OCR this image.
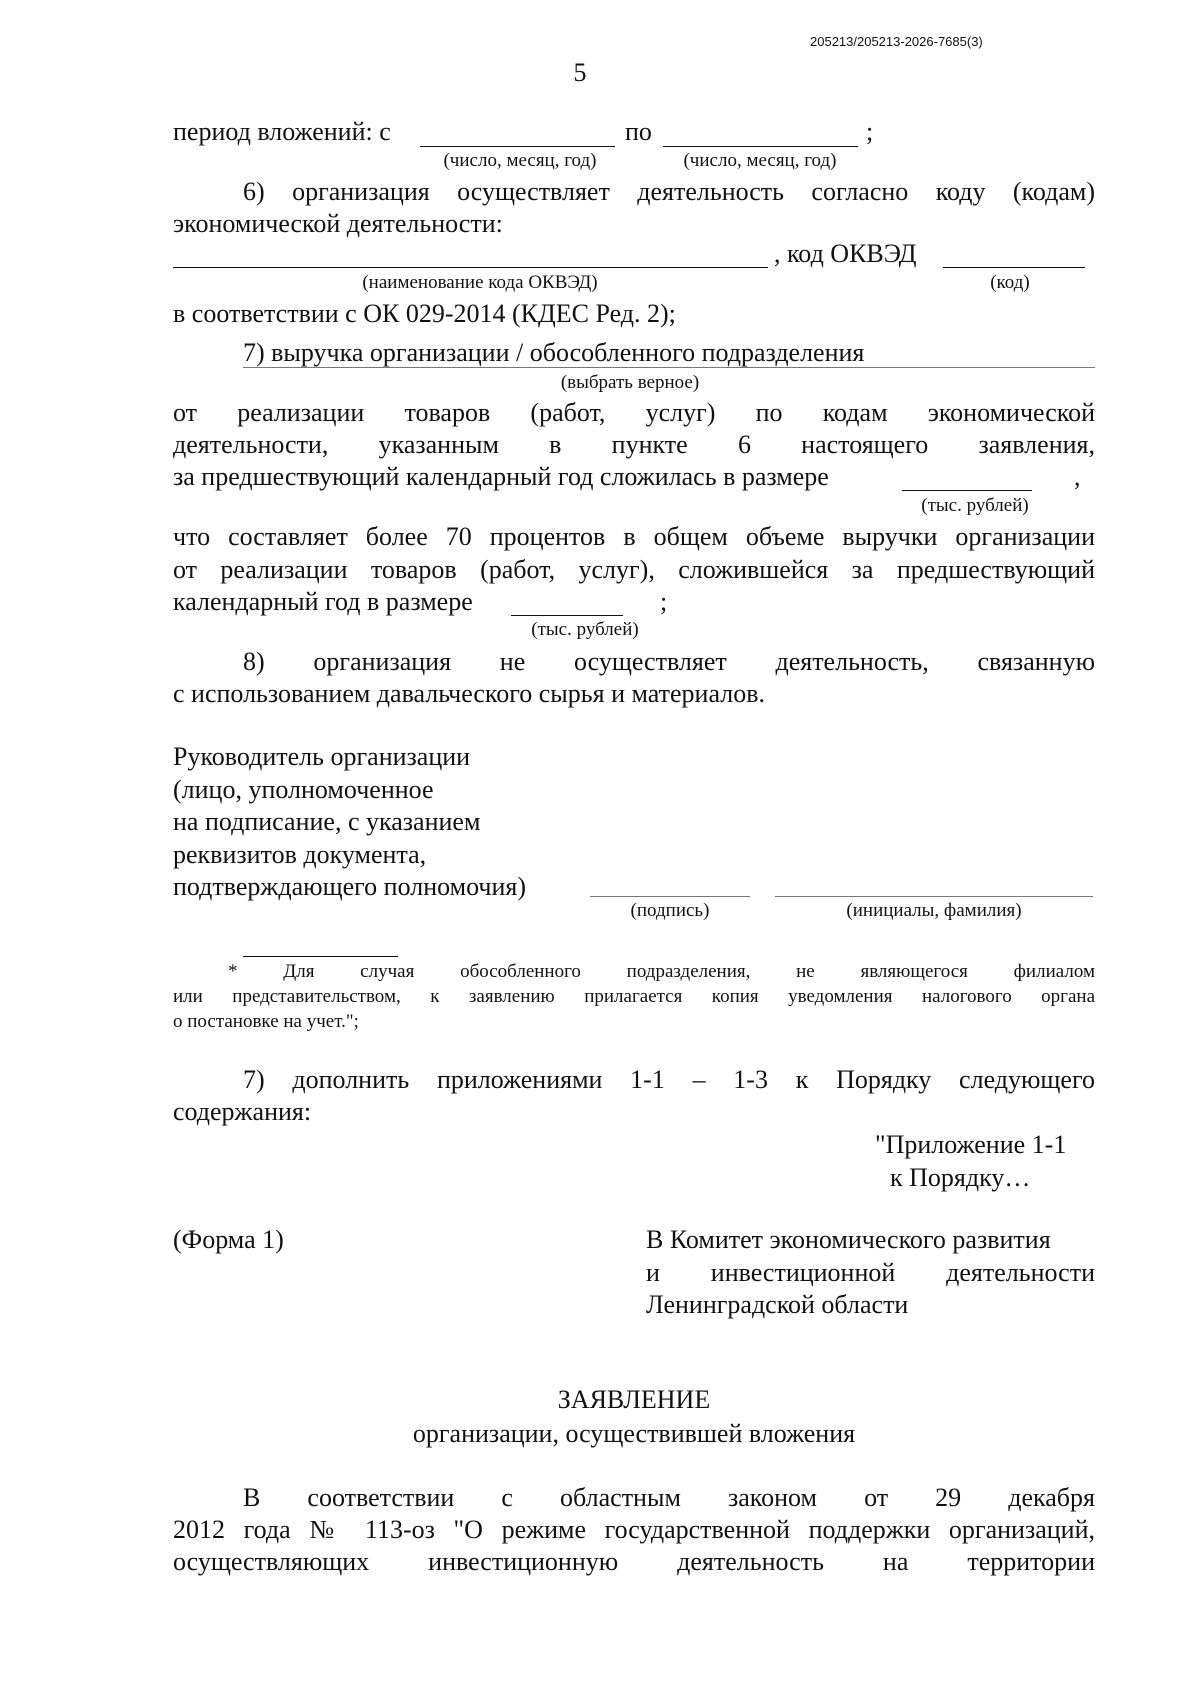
205213/205213-2026-7685(3)
5
период вложений: с	по	;
(число, месяц, год)	(число, месяц, год)
6) организация осуществляет деятельность согласно коду (кодам)
экономической деятельности:
, код ОКВЭД
(наименование кода ОКВЭД)	(код)
в соответствии с ОК 029-2014 (КДЕС Ред. 2);
7) выручка организации / обособленного подразделения
(выбрать верное)
от реализации товаров (работ, услуг) по кодам экономической
деятельности, указанным в пункте 6 настоящего заявления,
за предшествующий календарный год сложилась в размере	,
(тыс. рублей)
что составляет более 70 процентов в общем объеме выручки организации
от реализации товаров (работ, услуг), сложившейся за предшествующий
календарный год в размере	;
(тыс. рублей)
8) организация не осуществляет деятельность, связанную
с использованием давальческого сырья и материалов.
Руководитель организации
(лицо, уполномоченное
на подписание, с указанием
реквизитов документа,
подтверждающего полномочия)
(подпись)	(инициалы, фамилия)
* Для случая обособленного подразделения, не являющегося филиалом
или представительством, к заявлению прилагается копия уведомления налогового органа
о постановке на учет.";
7) дополнить приложениями 1-1 – 1-3 к Порядку следующего
содержания:
"Приложение 1-1
к Порядку…
(Форма 1)	В Комитет экономического развития
и инвестиционной деятельности
Ленинградской области
ЗАЯВЛЕНИЕ
организации, осуществившей вложения
В соответствии с областным законом от 29 декабря
2012 года № 113-оз "О режиме государственной поддержки организаций,
осуществляющих инвестиционную деятельность на территории
